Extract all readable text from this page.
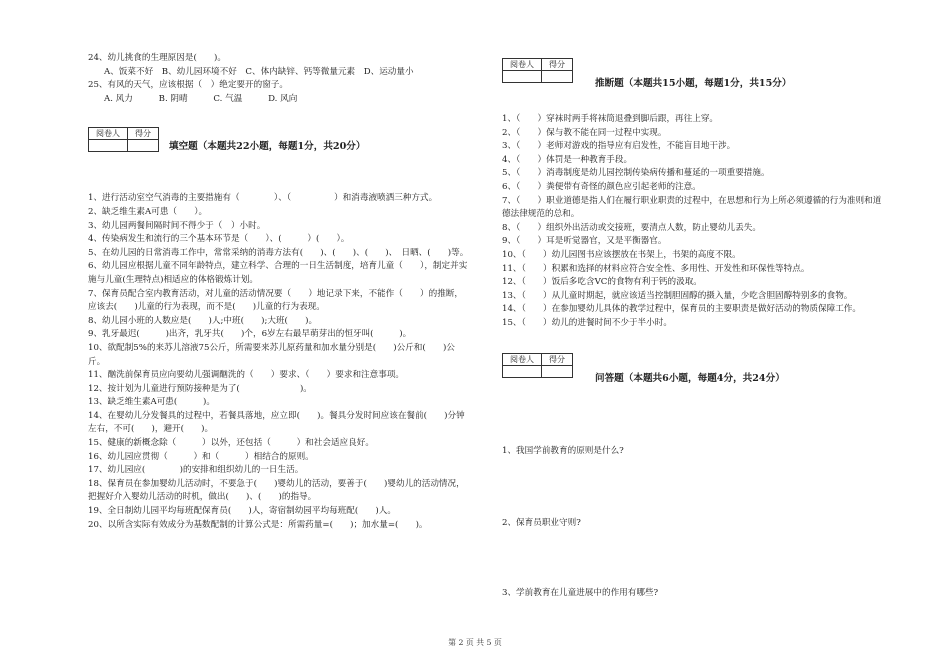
24、幼儿挑食的生理原因是(　　)。
A、饭菜不好　B、幼儿园环境不好　C、体内缺锌、钙等微量元素　D、运动量小
25、有风的天气，应该根据（　）绝定要开的窗子。
A. 风力　　　B. 阴晴　　　C. 气温　　　D. 风向
阅卷人	得分

填空题（本题共22小题，每题1分，共20分）
1、进行活动室空气消毒的主要措施有（　　　　）、（　　　　　）和消毒液喷洒三种方式。
2、缺乏维生素A可患（　　）。
3、幼儿园两餐间隔时间不得少于（　）小时。
4、传染病发生和流行的三个基本环节是（　　）、(　　　）(　　）。
5、在幼儿园的日常消毒工作中，常常采纳的消毒方法有(　　)、(　　)、(　　)、　日晒、(　　)等。
6、幼儿园应根据儿童不同年龄特点，建立科学、合理的一日生活制度，培育儿童（　　），制定并实施与儿童(生理特点)相适应的体格锻炼计划。
7、保育员配合室内教育活动，对儿童的活动情况要（　　）地记录下来，不能作（　　）的推断，应该去(　　)儿童的行为表现，而不是(　　)儿童的行为表现。
8、幼儿园小班的人数应是(　　)人;中班(　　);大班(　　)。
9、乳牙最迟(　　　)出齐，乳牙共(　　)个，6岁左右最早萌芽出的恒牙叫(　　　)。
10、欲配制5%的来苏儿溶液75公斤，所需要来苏儿原药量和加水量分别是(　　)公斤和(　　)公斤。
11、酗洗前保育员应向要幼儿强调酗洗的（　　）要求、（　　）要求和注意事项。
12、按计划为儿童进行预防接种是为了(　　　　　　　)。
13、缺乏维生素A可患(　　　)。
14、在婴幼儿分发餐具的过程中，若餐具落地，应立即(　　)。餐具分发时间应该在餐前(　　)分钟左右，不可(　　)，避开(　　)。
15、健康的新概念除（　　　）以外，还包括（　　　）和社会适应良好。
16、幼儿园应贯彻（　　　）和（　　　）相结合的原则。
17、幼儿园应(　　　　)的安排和组织幼儿的一日生活。
18、保育员在参加婴幼儿活动时，不要急于(　　)婴幼儿的活动，要善于(　　)婴幼儿的活动情况，把握好介入婴幼儿活动的时机，做出(　　)、(　　)的指导。
19、全日制幼儿园平均每班配保育员(　　)人，寄宿制幼园平均每班配(　　)人。
20、以所含实际有效成分为基数配制的计算公式是：所需药量=(　　)；加水量=(　　)。
阅卷人	得分

推断题（本题共15小题，每题1分，共15分）
1、（　　）穿袜时两手将袜筒退叠到脚后跟，再往上穿。
2、（　　）保与教不能在同一过程中实现。
3、（　　）老师对游戏的指导应有启发性，不能盲目地干涉。
4、（　　）体罚是一种教育手段。
5、（　　）消毒制度是幼儿园控制传染病传播和蔓延的一项重要措施。
6、（　　）粪便带有奇怪的颜色应引起老师的注意。
7、（　　）职业道德是指人们在履行职业职责的过程中，在思想和行为上所必须遵循的行为准则和道德法律规范的总和。
8、（　　）组织外出活动或交接班，要清点人数，防止婴幼儿丢失。
9、（　　）耳是听觉器官，又是平衡器官。
10、（　　）幼儿园图书应该摆放在书架上，书架的高度不限。
11、（　　）积累和选择的材料应符合安全性、多用性、开发性和环保性等特点。
12、（　　）饭后多吃含VC的食物有利于钙的汲取。
13、（　　）从儿童时期起，就应该适当控制胆固醇的摄入量，少吃含胆固醇特别多的食物。
14、（　　）在参加婴幼儿具体的教学过程中，保育员的主要职责是做好活动的物质保障工作。
15、（　　）幼儿的进餐时间不少于半小时。
阅卷人	得分

问答题（本题共6小题，每题4分，共24分）
1、我国学前教育的原则是什么?
2、保育员职业守则?
3、学前教育在儿童进展中的作用有哪些?
第 2 页 共 5 页
